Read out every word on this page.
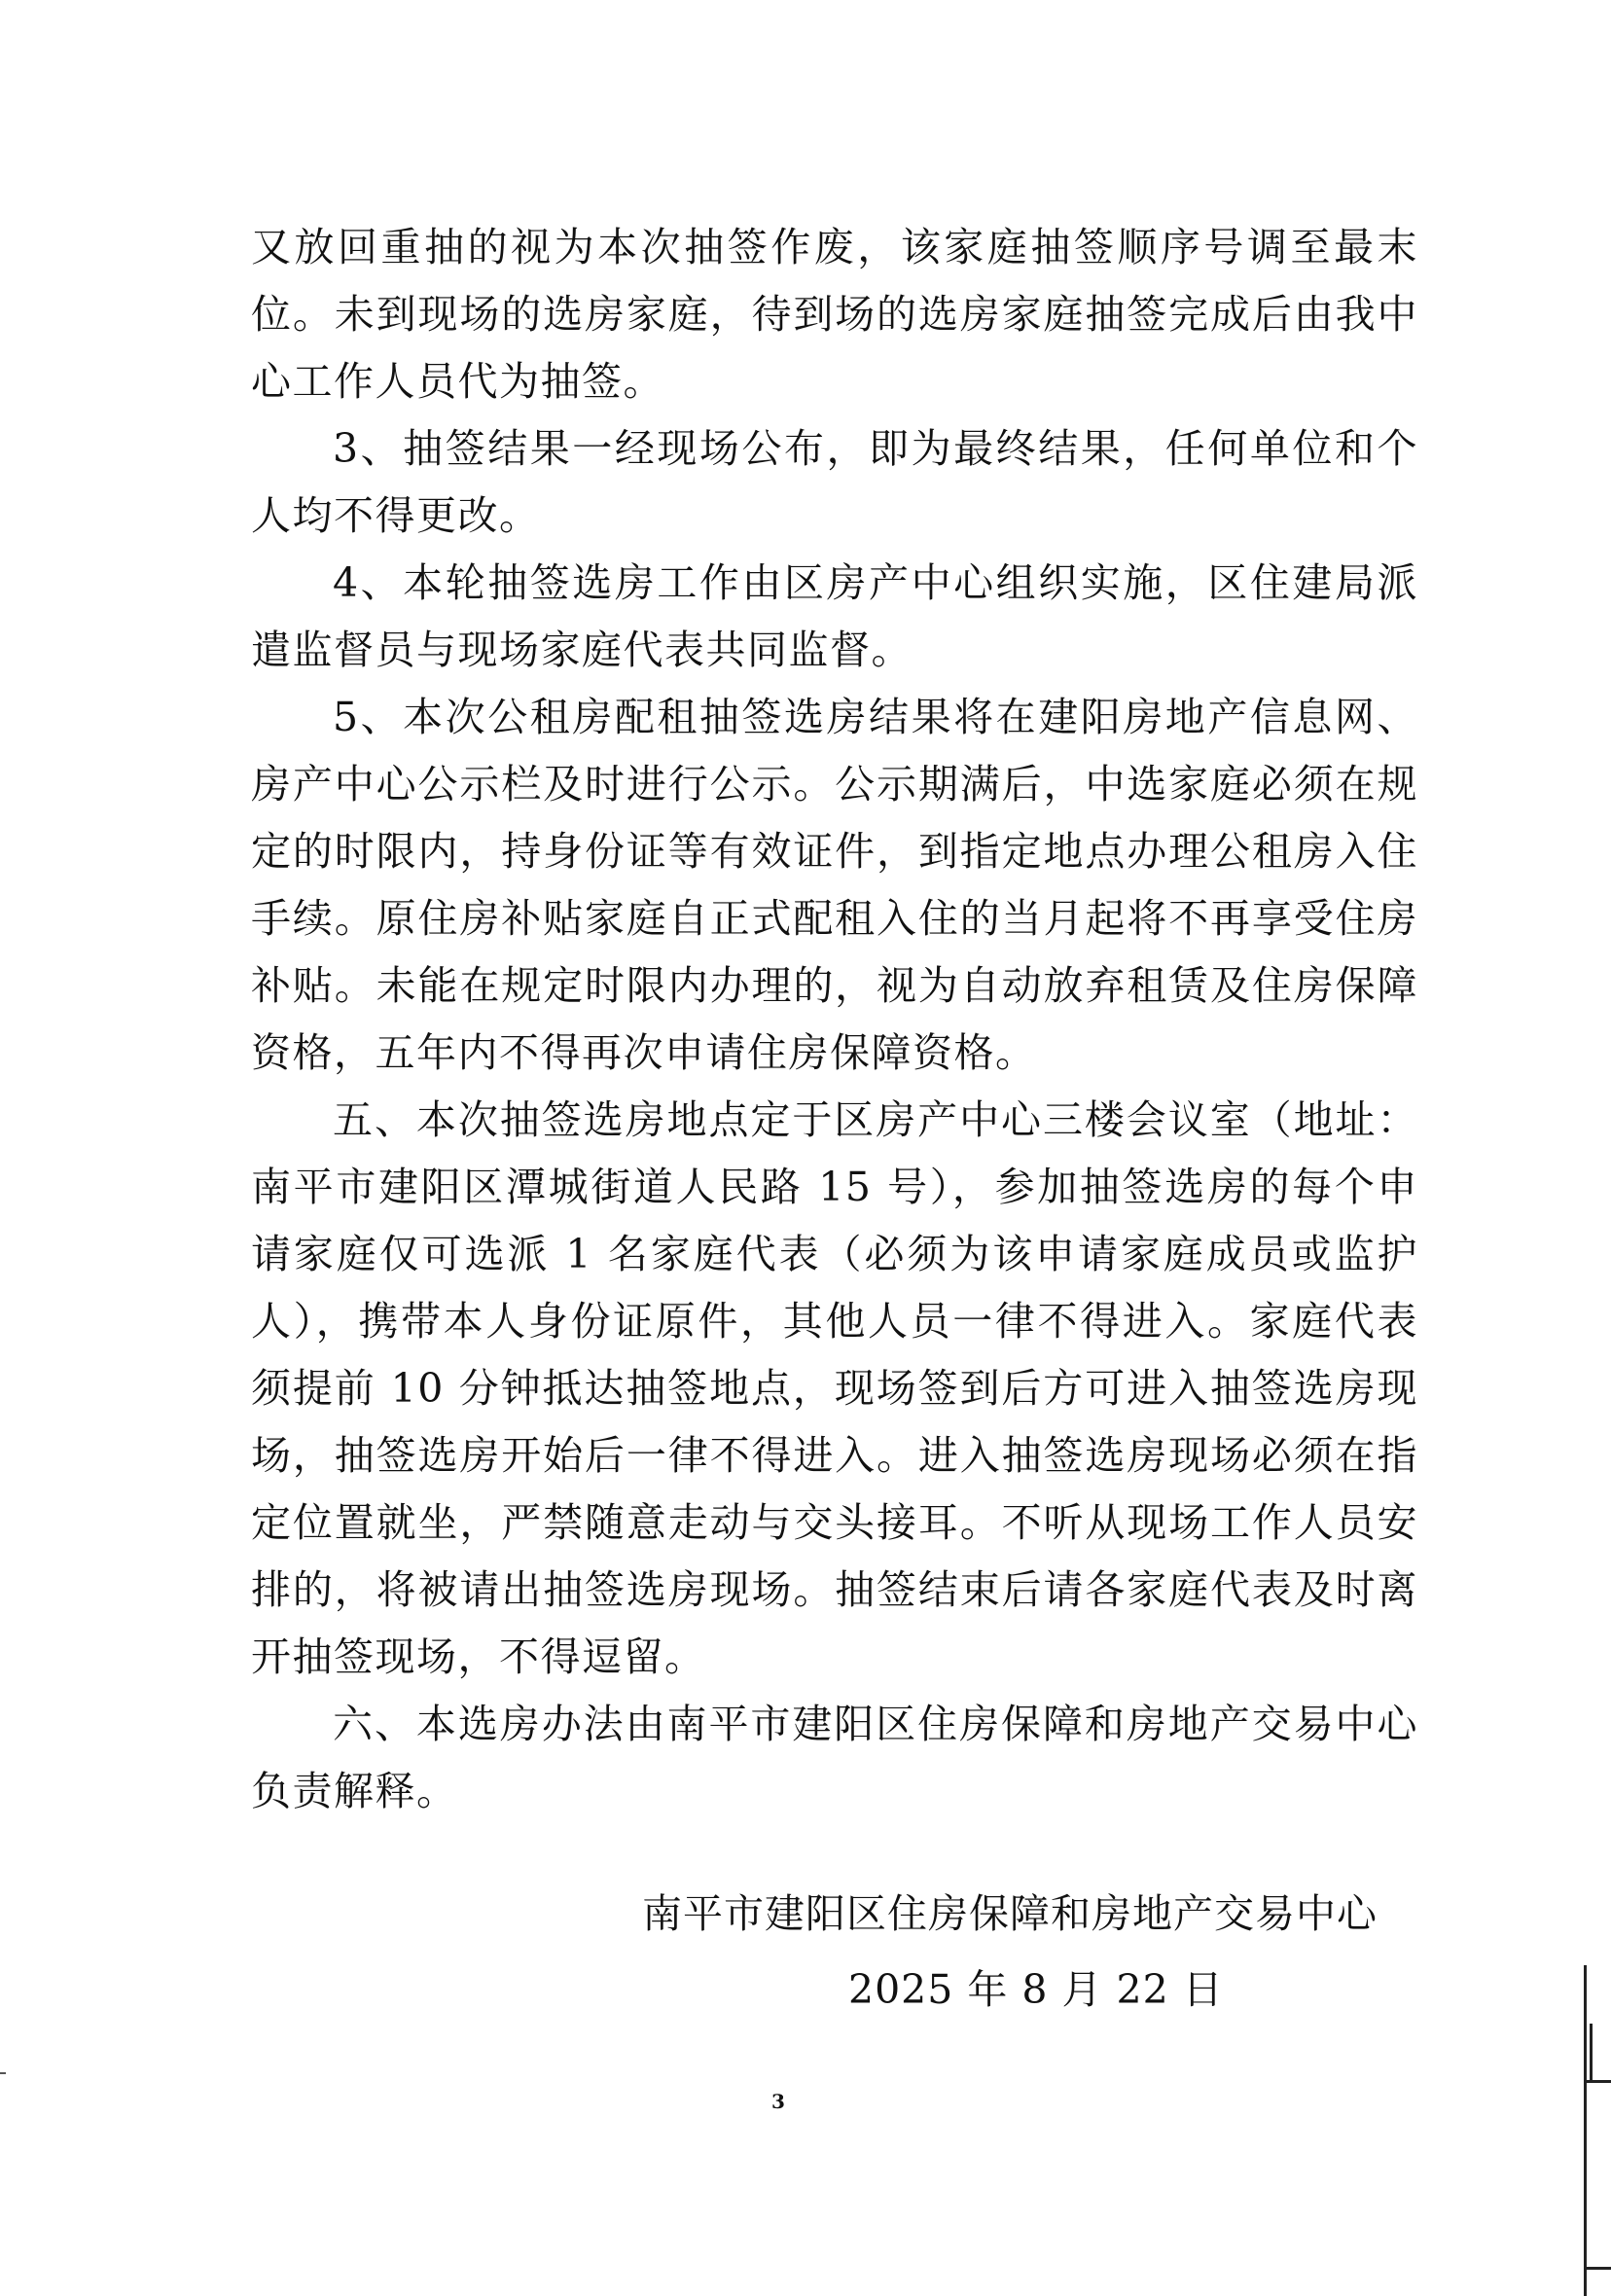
又放回重抽的视为本次抽签作废，该家庭抽签顺序号调至最末位。未到现场的选房家庭，待到场的选房家庭抽签完成后由我中心工作人员代为抽签。

3、抽签结果一经现场公布，即为最终结果，任何单位和个人均不得更改。

4、本轮抽签选房工作由区房产中心组织实施，区住建局派遣监督员与现场家庭代表共同监督。

5、本次公租房配租抽签选房结果将在建阳房地产信息网、房产中心公示栏及时进行公示。公示期满后，中选家庭必须在规定的时限内，持身份证等有效证件，到指定地点办理公租房入住手续。原住房补贴家庭自正式配租入住的当月起将不再享受住房补贴。未能在规定时限内办理的，视为自动放弃租赁及住房保障资格，五年内不得再次申请住房保障资格。

五、本次抽签选房地点定于区房产中心三楼会议室（地址：南平市建阳区潭城街道人民路 15 号），参加抽签选房的每个申请家庭仅可选派 1 名家庭代表（必须为该申请家庭成员或监护人），携带本人身份证原件，其他人员一律不得进入。家庭代表须提前 10 分钟抵达抽签地点，现场签到后方可进入抽签选房现场，抽签选房开始后一律不得进入。进入抽签选房现场必须在指定位置就坐，严禁随意走动与交头接耳。不听从现场工作人员安排的，将被请出抽签选房现场。抽签结束后请各家庭代表及时离开抽签现场，不得逗留。

六、本选房办法由南平市建阳区住房保障和房地产交易中心负责解释。

南平市建阳区住房保障和房地产交易中心
2025 年 8 月 22 日
3
